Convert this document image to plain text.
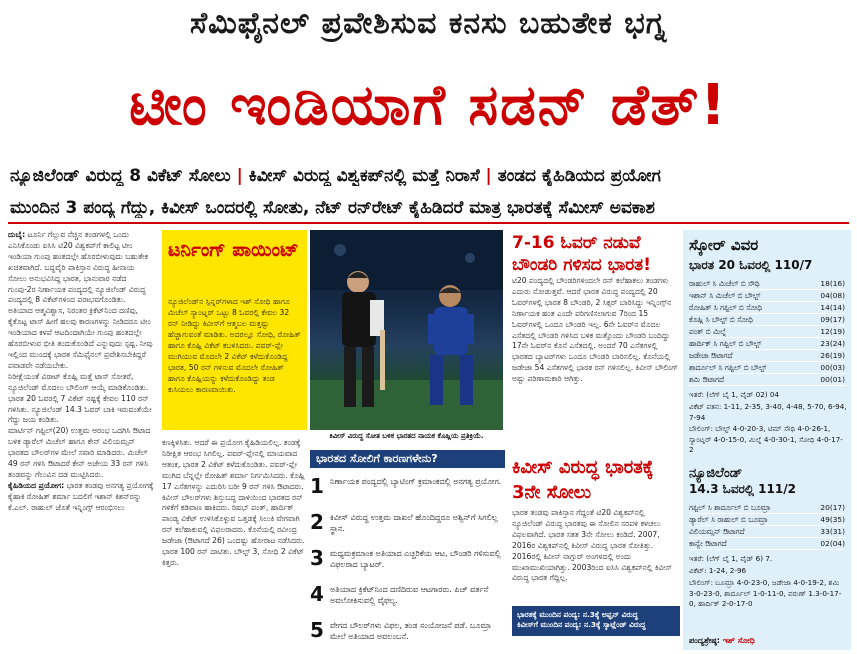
ಸೆಮಿಫೈನಲ್ ಪ್ರವೇಶಿಸುವ ಕನಸು ಬಹುತೇಕ ಭಗ್ನ
ಟೀಂ ಇಂಡಿಯಾಗೆ ಸಡನ್ ಡೆತ್!
ನ್ಯೂಜಿಲೆಂಡ್ ವಿರುದ್ಧ 8 ವಿಕೆಟ್ ಸೋಲು | ಕಿವೀಸ್ ವಿರುದ್ಧ ವಿಶ್ವಕಪ್‌ನಲ್ಲಿ ಮತ್ತೆ ನಿರಾಸೆ | ತಂಡದ ಕೈಹಿಡಿಯದ ಪ್ರಯೋಗ
ಮುಂದಿನ 3 ಪಂದ್ಯ ಗೆದ್ದು, ಕಿವೀಸ್ ಒಂದರಲ್ಲಿ ಸೋತು, ನೆಟ್ ರನ್‌ರೇಟ್ ಕೈಹಿಡಿದರೆ ಮಾತ್ರ ಭಾರತಕ್ಕೆ ಸೆಮೀಸ್ ಅವಕಾಶ

ದುಬೈ: ಟೂರ್ನಿ ಗೆಲ್ಲುವ ನೆಚ್ಚಿನ ತಂಡಗಳಲ್ಲಿ ಒಂದು ಎನಿಸಿಕೊಂಡು ಐಸಿಸಿ ಟಿ20 ವಿಶ್ವಕಪ್‌ಗೆ ಕಾಲಿಟ್ಟ ಟೀಂ ಇಂಡಿಯಾ ಗುಂಪು ಹಂತದಲ್ಲೇ ಹೊರಬೀಳುವುದು ಬಹುತೇಕ ಖಚಿತವಾಗಿದೆ. ಬದ್ಧವೈರಿ ಪಾಕಿಸ್ತಾನ ವಿರುದ್ಧ ಹೀನಾಯ ಸೋಲು ಅನುಭವಿಸಿದ್ದ ಭಾರತ, ಭಾನುವಾರ ನಡೆದ ಗುಂಪು-2ರ ನಿರ್ಣಾಯಕ ಪಂದ್ಯದಲ್ಲಿ ನ್ಯೂಜಿಲೆಂಡ್ ವಿರುದ್ಧ ಪಂದ್ಯದಲ್ಲಿ 8 ವಿಕೆಟ್‌ಗಳಿಂದ ಪರಾಭವಗೊಂಡಿತು.

ಅತಿಯಾದ ಆತ್ಮವಿಶ್ವಾಸ, ನಿರಂತರ ಕ್ರಿಕೆಟ್‌ನಿಂದ ದಣಿವು, ಕೈಕೊಟ್ಟ ಟಾಸ್ ಹೀಗೆ ಹಲವು ಕಾರಣಗಳನ್ನು ನೀಡಿದರೂ ಟೀಂ ಇಂಡಿಯಾದ ಕಳಪೆ ಆಟದಿಂದಾಗಿಯೇ ಗುಂಪು ಹಂತದಲ್ಲೇ ಹೊರಬೀಳುವ ಭೀತಿ ತಂದುಕೊಂಡಿದೆ ಎನ್ನುವುದು ಸ್ಪಷ್ಟ. ನೀವು ಇಲ್ಲಿಂದ ಮುಂದಕ್ಕೆ ಭಾರತ ಸೆಮಿಫೈನಲ್ ಪ್ರವೇಶಿಸಬೇಕಿದ್ದರೆ ಪವಾಡವೇ ನಡೆಯಬೇಕು.

ನಿರೀಕ್ಷೆಯಂತೆ ವಿರಾಟ್ ಕೊಹ್ಲಿ ಮತ್ತೆ ಟಾಸ್ ಸೋತರೆ, ನ್ಯೂಜಿಲೆಂಡ್ ಮೊದಲು ಬೌಲಿಂಗ್ ಆಯ್ಕೆ ಮಾಡಿಕೊಂಡಿತು. ಭಾರತ 20 ಓವರಲ್ಲಿ 7 ವಿಕೆಟ್ ನಷ್ಟಕ್ಕೆ ಕೇವಲ 110 ರನ್ ಗಳಿಸಿತು. ನ್ಯೂಜಿಲೆಂಡ್ 14.3 ಓವರ್ ಬಾಕಿ ಇರುವಂತೆಯೇ ಗೆದ್ದು ಜಯ ಕಂಡಿತು.

ಮಾರ್ಟಿನ್ ಗಪ್ಟಿಲ್(20) ಉತ್ತಮ ಆರಂಭ ಒದಗಿಸಿ ಔಟಾದ ಬಳಿಕ ಡ್ಯಾರೆಲ್ ಮಿಚೆಲ್ ಹಾಗೂ ಕೇನ್ ವಿಲಿಯಮ್ಸನ್ ಭಾರತದ ಬೌಲರ್‌ಗಳ ಮೇಲೆ ಸವಾರಿ ಮಾಡಿದರು. ಮಿಚೆಲ್ 49 ರನ್ ಗಳಿಸಿ ಔಟಾದರೆ ಕೇನ್ ಅಜೇಯ 33 ರನ್ ಗಳಿಸಿ ತಂಡವನ್ನು ಗೆಲುವಿನ ದಡ ಮುಟ್ಟಿಸಿದರು.

ಕೈಹಿಡಿಯದ ಪ್ರಯೋಗ: ಭಾರತ ತಂಡವು ಅನಗತ್ಯ ಪ್ರಯೋಗಕ್ಕೆ ಕೈಹಾಕಿ ರೋಹಿತ್ ಶರ್ಮಾ ಬದಲಿಗೆ ಇಶಾನ್ ಕಿಶನ್‌ರನ್ನು ಕೆ.ಎಲ್. ರಾಹುಲ್ ಜೊತೆ ಇನ್ನಿಂಗ್ಸ್ ಆರಂಭಿಸಲು

ಟರ್ನಿಂಗ್ ಪಾಯಿಂಟ್
ನ್ಯೂಜಿಲೆಂಡ್‌ನ ಸ್ಪಿನ್ನರ್‌ಗಳಾದ ಇಶ್ ಸೋಧಿ ಹಾಗೂ ಮಿಚೆಲ್ ಸ್ಯಾಂಟ್ನರ್ ಒಟ್ಟು 8 ಓವರಲ್ಲಿ ಕೇವಲ 32 ರನ್ ನೀಡಿದ್ದು ಕಿವೀಸ್‌ಗೆ ಆತ್ಮಬಲ ಮತ್ತಷ್ಟು ಹೆಚ್ಚಾಗುವಂತೆ ಮಾಡಿತು. ಅದರಲ್ಲೂ ಸೋಧಿ, ರೋಹಿತ್ ಹಾಗೂ ಕೊಹ್ಲಿ ವಿಕೆಟ್ ಕಬಳಿಸಿದರು. ಪವರ್-ಪ್ಲೇ ಮುಗಿಯುವ ಮೊದಲೇ 2 ವಿಕೆಟ್ ಕಳೆದುಕೊಂಡಿದ್ದ ಭಾರತ, 50 ರನ್ ಗಳಿಸುವ ಮೊದಲೇ ರೋಹಿತ್ ಹಾಗೂ ಕೊಹ್ಲಿಯನ್ನು ಕಳೆದುಕೊಂಡಿದ್ದು ತಂಡ ಕುಸಿಯಲು ಕಾರಣವಾಯಿತು.
ಕಿವೀಸ್ ವಿರುದ್ಧ ಸೋತ ಬಳಿಕ ಭಾರತದ ನಾಯಕ ಕೊಹ್ಲಿಯ ಪ್ರತಿಕ್ರಿಯೆ.
ಕಣಕ್ಕಿಳಿಸಿತು. ಆದರೆ ಈ ಪ್ರಯೋಗ ಕೈಹಿಡಿಯಲಿಲ್ಲ. ತಂಡಕ್ಕೆ ನಿರೀಕ್ಷಿತ ಆರಂಭ ಸಿಗಲಿಲ್ಲ. ಪವರ್-ಪ್ಲೇನಲ್ಲಿ ಮಾಯವಾದ ಆತಂಕ, ಭಾರತ 2 ವಿಕೆಟ್ ಕಳೆದುಕೊಂಡಿತು. ಪವರ್-ಪ್ಲೇ ಮುಗಿದ ಬೆನ್ನಲ್ಲೇ ರೋಹಿತ್ ಶರ್ಮಾ ನಿರ್ಗಮಿಸಿದರು. ಕೊಹ್ಲಿ 17 ಎಸೆತಗಳನ್ನು ಎದುರಿಸಿ ಬರೀ 9 ರನ್ ಗಳಿಸಿ ಔಟಾದರು. ಕಿವೀಸ್ ಬೌಲರ್‌ಗಳು ಶಿಸ್ತುಬದ್ಧ ದಾಳಿಯಿಂದ ಭಾರತದ ರನ್ ಗಳಿಕೆಗೆ ಕಡಿವಾಣ ಹಾಕಿದರು. ರಿಷಭ್ ಪಂತ್, ಹಾರ್ದಿಕ್ ಪಾಂಡ್ಯ ವಿಕೆಟ್ ಉಳಿಸಿಕೊಳ್ಳುವ ಒತ್ತಡಕ್ಕೆ ಸಿಲುಕಿ ವೇಗವಾಗಿ ರನ್ ಕಲೆಹಾಕುವಲ್ಲಿ ವಿಫಲರಾದರು. ಕೊನೆಯಲ್ಲಿ ರವೀಂದ್ರ ಜಡೇಜಾ (ಔಟಾಗದೆ 26) ಒಂದಷ್ಟು ಹೋರಾಟ ನಡೆಸಿದರು. ಭಾರತ 100 ರನ್ ದಾಟಿತು. ಬೌಲ್ಟ್ 3, ಸೋಧಿ 2 ವಿಕೆಟ್ ಕಿತ್ತರು.
ಭಾರತದ ಸೋಲಿಗೆ ಕಾರಣಗಳೇನು?
1 ನಿರ್ಣಾಯಕ ಪಂದ್ಯದಲ್ಲಿ ಬ್ಯಾಟಿಂಗ್ ಕ್ರಮಾಂಕದಲ್ಲಿ ಅನಗತ್ಯ ಪ್ರಯೋಗ.
2 ಕಿವೀಸ್ ವಿರುದ್ಧ ಉತ್ತಮ ದಾಖಲೆ ಹೊಂದಿದ್ದರೂ ಅಶ್ವಿನ್‌ಗೆ ಸಿಗಲಿಲ್ಲ ಸ್ಥಾನ.
3 ಮಧ್ಯಮಕ್ರಮಾಂಕ ಅತಿಯಾದ ಎಚ್ಚರಿಕೆಯ ಆಟ, ಬೌಂಡರಿ ಗಳಿಸುವಲ್ಲಿ ವಿಫಲರಾದ ಬ್ಯಾಟರ್.
4 ಅತಿಯಾದ ಕ್ರಿಕೆಟ್‌ನಿಂದ ದಣಿದಿರುವ ಆಟಗಾರರು. ಪಿಚ್ ವರ್ತನೆ ಅವಲೋಕಿಸುವಲ್ಲಿ ವೈಫಲ್ಯ.
5 ವೇಗದ ಬೌಲರ್‌ಗಳು ವಿಫಲ, ತಂಡ ಸಂಯೋಜನೆ ಪಡೆ. ಬೂಮ್ರಾ ಮೇಲೆ ಅತಿಯಾದ ಅವಲಂಬನೆ.
7-16 ಓವರ್ ನಡುವೆ ಬೌಂಡರಿ ಗಳಿಸದ ಭಾರತ!
ಟಿ20 ಪಂದ್ಯದಲ್ಲಿ ಬೌಂಡರಿಗಳಿಂದಲೇ ರನ್ ಕಲೆಹಾಕಲು ತಂಡಗಳು ಎದುರು ನೋಡುತ್ತವೆ. ಆದರೆ ಭಾರತ ವಿರುದ್ಧ ಪಂದ್ಯದಲ್ಲಿ 20 ಓವರ್‌ಗಳಲ್ಲಿ ಭಾರತ 8 ಬೌಂಡರಿ, 2 ಸಿಕ್ಸರ್ ಬಾರಿಸಿದ್ದು ಇನ್ನಿಂಗ್ಸ್‌ನ ನಿರ್ಣಾಯಕ ಹಂತ ಎಂದೇ ಪರಿಗಣಿಸಲಾಗುವ 7ರಿಂದ 15 ಓವರ್‌ಗಳಲ್ಲಿ ಒಂದೂ ಬೌಂಡರಿ ಇಲ್ಲ. 6ನೇ ಓವರ್‌ನ ಮೊದಲ ಎಸೆತದಲ್ಲಿ ಬೌಂಡರಿ ಗಳಿಸಿದ ಬಳಿಕ ಮತ್ತೊಂದು ಬೌಂಡರಿ ಬಂದಿದ್ದು 17ನೇ ಓವರ್‌ನ ಕೊನೆ ಎಸೆತದಲ್ಲಿ. ಅಂದರೆ 70 ಎಸೆತಗಳಲ್ಲಿ ಭಾರತದ ಬ್ಯಾಟರ್‌ಗಳು ಒಂದೂ ಬೌಂಡರಿ ಬಾರಿಸಲಿಲ್ಲ. ಕೊನೆಯಲ್ಲಿ ಜಡೇಜಾ 54 ಎಸೆತಗಳಲ್ಲಿ ಭಾರತ ರನ್ ಗಳಿಸಲಿಲ್ಲ. ಕಿವೀಸ್ ಬೌಲಿಂಗ್ ಅಷ್ಟು ಪರಿಣಾಮಕಾರಿ ಆಗಿತ್ತು.
ಕಿವೀಸ್ ವಿರುದ್ಧ ಭಾರತಕ್ಕೆ 3ನೇ ಸೋಲು
ಭಾರತ ತಂಡವು ಪಾಕಿಸ್ತಾನ ಗೆದ್ದಂತೆ ಟಿ20 ವಿಶ್ವಕಪ್‌ನಲ್ಲಿ ನ್ಯೂಜಿಲೆಂಡ್ ವಿರುದ್ಧ ಭಾರತವು ಈ ಸೋಲಿನ ಸರಪಳಿ ಕಳಚಲು ವಿಫಲವಾಗಿದೆ. ಭಾರತ ಸತತ 3ನೇ ಸೋಲು ಕಂಡಿದೆ. 2007, 2016ರ ವಿಶ್ವಕಪ್‌ನಲ್ಲಿ ಕಿವೀಸ್ ವಿರುದ್ಧ ಭಾರತ ಸೋತಿತ್ತು. 2016ರಲ್ಲಿ ಕಿವೀಸ್ ನಾಗ್ಪುರ್ ಅಂಗಳದಲ್ಲಿ ಅಂದು ಮುಖಾಮುಖಿಯಾಗಿತ್ತು. 2003ರಿಂದ ಐಸಿಸಿ ವಿಶ್ವಕಪ್‌ನಲ್ಲಿ ಕಿವೀಸ್ ವಿರುದ್ಧ ಭಾರತ ಗೆದ್ದಿಲ್ಲ.
ಭಾರತಕ್ಕೆ ಮುಂದಿನ ಪಂದ್ಯ: ನ.3ಕ್ಕೆ ಅಫ್ಘನ್ ವಿರುದ್ಧ
ಕಿವೀಸ್‌ಗೆ ಮುಂದಿನ ಪಂದ್ಯ: ನ.3ಕ್ಕೆ ಸ್ಕಾಟ್ಲೆಂಡ್ ವಿರುದ್ಧ
ಸ್ಕೋರ್ ವಿವರ
ಭಾರತ 20 ಓವರಲ್ಲಿ 110/7
ರಾಹುಲ್ ಸಿ ಮಿಚೆಲ್ ಬಿ ಸೌಥಿ	18(16)
ಇಶಾನ್ ಸಿ ಮಿಚೆಲ್ ಬಿ ಬೌಲ್ಟ್	04(08)
ರೋಹಿತ್ ಸಿ ಗಪ್ಟಿಲ್ ಬಿ ಸೋಧಿ	14(14)
ಕೊಹ್ಲಿ ಸಿ ಬೌಲ್ಟ್ ಬಿ ಸೋಧಿ	09(17)
ಪಂತ್ ಬಿ ಮಿಲ್ನೆ	12(19)
ಹಾರ್ದಿಕ್ ಸಿ ಗಪ್ಟಿಲ್ ಬಿ ಬೌಲ್ಟ್	23(24)
ಜಡೇಜಾ ಔಟಾಗದೆ	26(19)
ಶಾರ್ದೂಲ್ ಸಿ ಗಪ್ಟಿಲ್ ಬಿ ಬೌಲ್ಟ್	00(03)
ಶಮಿ ಔಟಾಗದೆ	00(01)
ಇತರೆ: (ಲೆಗ್ ಬೈ 1, ವೈಡ್ 02) 04
ವಿಕೆಟ್ ಪತನ: 1-11, 2-35, 3-40, 4-48, 5-70, 6-94, 7-94
ಬೌಲಿಂಗ್: ಬೌಲ್ಟ್ 4-0-20-3, ಟಿಮ್ ಸೌಥಿ 4-0-26-1, ಸ್ಯಾಂಟ್ನರ್ 4-0-15-0, ಮಿಲ್ನೆ 4-0-30-1, ಸೋಧಿ 4-0-17-2
ನ್ಯೂಜಿಲೆಂಡ್
14.3 ಓವರಲ್ಲಿ 111/2
ಗಪ್ಟಿಲ್ ಸಿ ಶಾರ್ದೂಲ್ ಬಿ ಬೂಮ್ರಾ	20(17)
ಡ್ಯಾರೆಲ್ ಸಿ ರಾಹುಲ್ ಬಿ ಬೂಮ್ರಾ	49(35)
ವಿಲಿಯಮ್ಸನ್ ಔಟಾಗದೆ	33(31)
ಕಾನ್ವೇ ಔಟಾಗದೆ	02(04)
ಇತರೆ: (ಲೆಗ್ ಬೈ 1, ವೈಡ್ 6) 7.
ವಿಕೆಟ್: 1-24, 2-96
ಬೌಲಿಂಗ್: ಬೂಮ್ರಾ 4-0-23-0, ಜಡೇಜಾ 4-0-19-2, ಶಮಿ 3-0-23-0, ಶಾರ್ದೂಲ್ 1-0-11-0, ವರುಣ್ 1.3-0-17-0, ಹಾರ್ದಿಕ್ 2-0-17-0
ಪಂದ್ಯಶ್ರೇಷ್ಠ: ಇಶ್ ಸೋಧಿ
